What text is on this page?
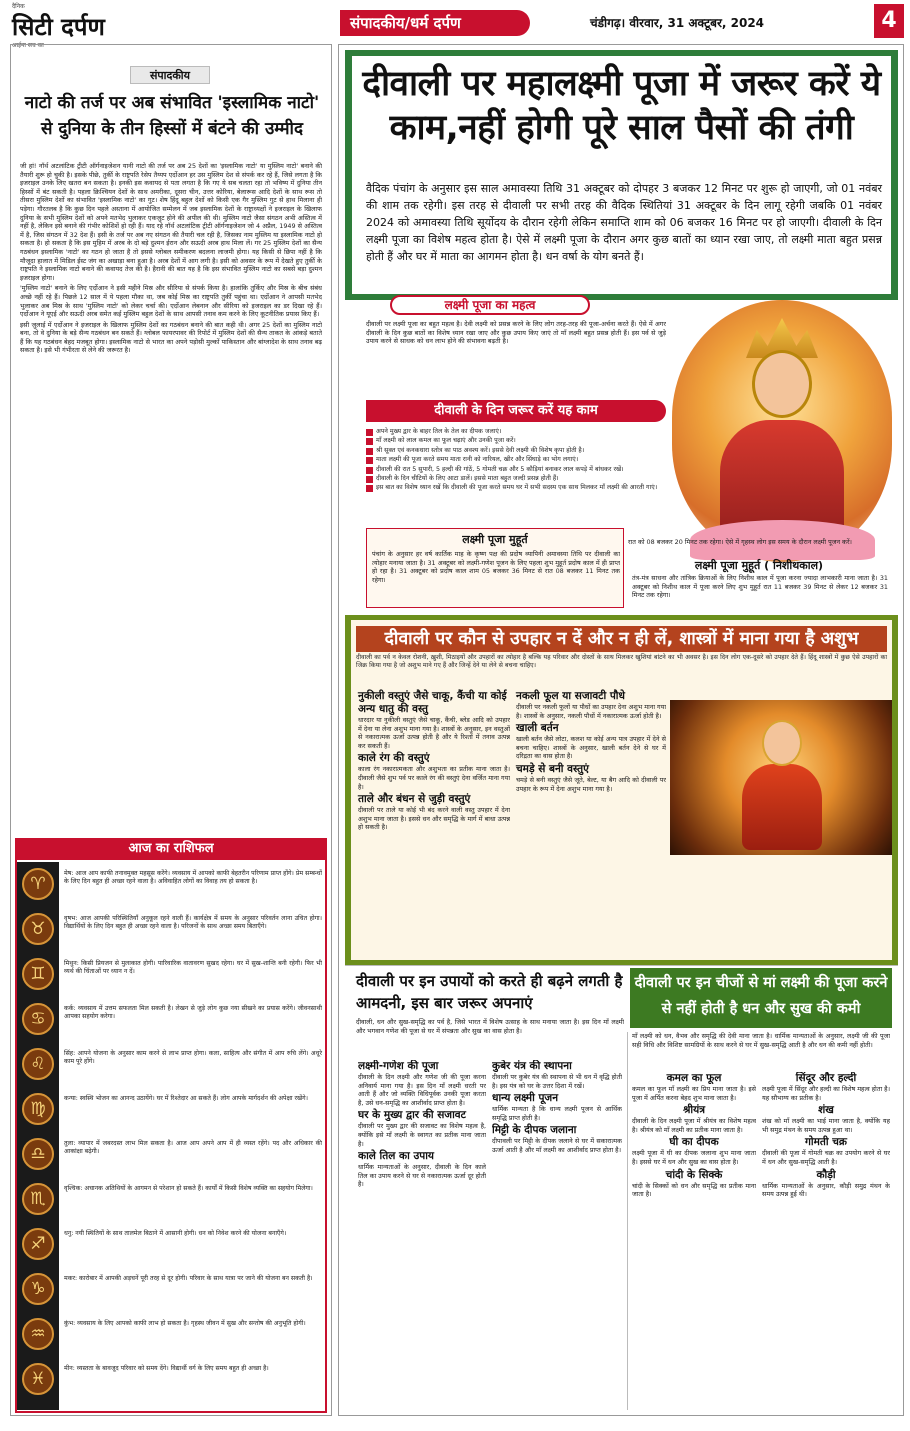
दैनिक
सिटी दर्पण
आईना सच का
संपादकीय/धर्म दर्पण	चंडीगढ़। वीरवार, 31 अक्टूबर, 2024	4
संपादकीय
नाटो की तर्ज पर अब संभावित 'इस्लामिक नाटो' से दुनिया के तीन हिस्सों में बंटने की उम्मीद

जी हां! नॉर्थ अटलांटिक ट्रीटी ऑर्गनाइजेशन यानी नाटो की तर्ज पर अब 25 देशों का 'इस्लामिक नाटो' या मुस्लिम नाटो' बनाने की तैयारी शुरू हो चुकी है। इसके पीछे, तुर्की के राष्ट्रपति रेसेप तैय्यप एर्दोआन हर उस मुस्लिम देश से संपर्क कर रहे हैं, जिसे लगता है कि इजराइल उनके लिए खतरा बन सकता है। इनकी इस कवायद से पता लगता है कि गए ये सब चलता रहा तो भविष्य में दुनिया तीन हिस्सों में बंट सकती है। पहला क्रिश्चियन देशों के साथ अमरीका, दूसरा चीन, उत्तर कोरिया, बेलारूस आदि देशों के साथ रूस तो तीसरा मुस्लिम देशों का संभावित 'इस्लामिक नाटो' का गुट। शेष हिंदू बहुल देशों को किसी एक गैर मुस्लिम गुट से हाथ मिलाना ही पड़ेगा। गौरतलब है कि कुछ दिन पहले अस्ताना में आयोजित सम्मेलन में जब इस्लामिक देशों के राष्ट्राध्यक्षों ने इजराइल के खिलाफ दुनिया के सभी मुस्लिम देशों को अपने मतभेद भुलाकर एकजुट होने की अपील की थी। मुस्लिम नाटो जैसा संगठन अभी अस्तित्व में नहीं है, लेकिन इसे बनाने की गंभीर कोशिशें हो रही हैं। याद रहे नॉर्थ अटलांटिक ट्रीटी ऑर्गनाइजेशन जो 4 अप्रैल, 1949 से अस्तित्व में है, जिस संगठन में 32 देश हैं। इसी के तर्ज पर अब नए संगठन की तैयारी चल रही है, जिसका नाम मुस्लिम या इस्लामिक नाटो हो सकता है। हो सकता है कि इस मुहिम में अरब के दो बड़े दुश्मन ईरान और सऊदी अरब हाथ मिला लें। गर 25 मुस्लिम देशों का सैन्य गठबंधन इस्लामिक 'नाटो' का गठन हो जाता है तो इससे ग्लोबल समीकरण बदलना लाजमी होगा। यह किसी से छिपा नहीं है कि मौजूदा हालात में मिडिल ईस्ट जंग का अखाड़ा बना हुआ है। अरब देशों में आग लगी है। इसी को अवसर के रूप में देखते हुए तुर्की के राष्ट्रपति ने इस्लामिक नाटो बनाने की कवायद तेज की है। हैरानी की बात यह है कि इस संभावित मुस्लिम नाटो का सबसे बड़ा दुश्मन इजराइल होगा।

'मुस्लिम नाटो' बनाने के लिए एर्दोआन ने इसी महीने मिस्र और सीरिया से संपर्क किया है। हालांकि तुर्किए और मिस्र के बीच संबंध अच्छे नहीं रहे हैं। पिछले 12 साल में ये पहला मौका था, जब कोई मिस्र का राष्ट्रपति तुर्की पहुंचा था। एर्दोआन ने आपसी मतभेद भुलाकर अब मिस्र के साथ 'मुस्लिम नाटो' को लेकर चर्चा की। एर्दोआन लेबनान और सीरिया को इजराइल का डर दिखा रहे हैं। एर्दोआन ने यूएई और सऊदी अरब समेत कई मुस्लिम बहुल देशों के साथ आपसी तनाव कम करने के लिए कूटनीतिक प्रयास किए हैं।

इसी जुलाई में एर्दोआन ने इजराइल के खिलाफ मुस्लिम देशों का गठबंधन बनाने की बात कही थी। अगर 25 देशों का मुस्लिम नाटो बना, तो वे दुनिया के बड़े सैन्य गठबंधन बन सकते हैं। ग्लोबल फायरपावर की रिपोर्ट में मुस्लिम देशों की सैन्य ताकत के आंकड़े बताते हैं कि यह गठबंधन बेहद मजबूत होगा। इस्लामिक नाटो से भारत का अपने पड़ोसी मुल्कों पाकिस्तान और बांग्लादेश के साथ तनाव बढ़ सकता है। इसे भी गंभीरता से लेने की जरूरत है।

आज का राशिफल
♈
♉
♊
♋
♌
♍
♎
♏
♐
♑
♒
♓
मेष: आज आप काफी तनावमुक्त महसूस करेंगे। व्यवसाय में आपको काफी बेहतरीन परिणाम प्राप्त होंगे। प्रेम सम्बन्धों के लिए दिन बहुत ही अच्छा रहने वाला है। अविवाहित लोगों का विवाह तय हो सकता है।
वृषभ: आज आपकी परिस्थितियाँ अनुकूल रहने वाली हैं। कार्यक्षेत्र में समय के अनुसार परिवर्तन लाना उचित होगा। विद्यार्थियों के लिए दिन बहुत ही अच्छा रहने वाला है। परिजनों के साथ अच्छा समय बिताएँगे।
मिथुन: किसी प्रियजन से मुलाकात होगी। पारिवारिक वातावरण सुखद रहेगा। घर में सुख-शान्ति बनी रहेगी। फिर भी व्यर्थ की चिंताओं पर ध्यान न दें।
कर्क: व्यवसाय में उत्तम सफलता मिल सकती है। लेखन से जुड़े लोग कुछ नया सीखने का प्रयास करेंगे। जीवनसाथी आपका सहयोग करेगा।
सिंह: आपने योजना के अनुसार काम करने से लाभ प्राप्त होगा। कला, साहित्य और संगीत में आप रुचि लेंगे। अधूरे काम पूरे होंगे।
कन्या: स्वस्थि भोजन का आनन्द उठायेंगे। घर में रिश्तेदार आ सकते हैं। लोग आपके मार्गदर्शन की अपेक्षा रखेंगे।
तुला: व्यापार में जबरदस्त लाभ मिल सकता है। आज आप अपने आप में ही व्यस्त रहेंगे। पद और अधिकार की आकांक्षा बढ़ेगी।
वृश्चिक: अचानक अतिथियों के आगमन से परेशान हो सकते हैं। कार्यों में किसी विशेष व्यक्ति का सहयोग मिलेगा।
धनु: नयी स्थितियों के साथ तालमेल बिठाने में आसानी होगी। धन को निवेश करने की योजना बनाएँगे।
मकर: कारोबार में आपकी अड़चनें पूरी तरह से दूर होगी। परिवार के साथ यात्रा पर जाने की योजना बन सकती है।
कुंभ: व्यवसाय के लिए आपको काफी लाभ हो सकता है। गृहस्थ जीवन में सुख और सन्तोष की अनुभूति होगी।
मीन: व्यस्तता के बावजूद परिवार को समय देंगे। विद्यार्थी वर्ग के लिए समय बहुत ही अच्छा है।
दीवाली पर महालक्ष्मी पूजा में जरूर करें ये काम,नहीं होगी पूरे साल पैसों की तंगी
वैदिक पंचांग के अनुसार इस साल अमावस्या तिथि 31 अक्टूबर को दोपहर 3 बजकर 12 मिनट पर शुरू हो जाएगी, जो 01 नवंबर की शाम तक रहेगी। इस तरह से दीवाली पर सभी तरह की वैदिक स्थितियां 31 अक्टूबर के दिन लागू रहेगी जबकि 01 नवंबर 2024 को अमावस्या तिथि सूर्योदय के दौरान रहेगी लेकिन समाप्ति शाम को 06 बजकर 16 मिनट पर हो जाएगी। दीवाली के दिन लक्ष्मी पूजा का विशेष महत्व होता है। ऐसे में लक्ष्मी पूजा के दौरान अगर कुछ बातों का ध्यान रखा जाए, तो लक्ष्मी माता बहुत प्रसन्न होती हैं और घर में माता का आगमन होता है। धन वर्षा के योग बनते हैं।
लक्ष्मी पूजा का महत्व

दीवाली पर लक्ष्मी पूजा का बहुत महत्व है। देवी लक्ष्मी को प्रसन्न करने के लिए लोग तरह-तरह की पूजा-अर्चना करते हैं। ऐसे में अगर दीवाली के दिन कुछ बातों का विशेष ध्यान रखा जाए और कुछ उपाय किए जाएं तो माँ लक्ष्मी बहुत प्रसन्न होती हैं। इस पर्व से जुड़े उपाय करने से साधक को धन लाभ होने की संभावना बढ़ती है।

दीवाली के दिन जरूर करें यह काम
अपने मुख्य द्वार के बाहर तिल के तेल का दीपक जलाएं।
माँ लक्ष्मी को लाल कमल का फूल चढ़ाएं और उनकी पूजा करें।
श्री सूक्त एवं कनकधारा स्तोत्र का पाठ अवश्य करें। इससे देवी लक्ष्मी की विशेष कृपा होती है।
माता लक्ष्मी की पूजा करते समय माता रानी को नारियल, खीर और सिंघाड़े का भोग लगाएं।
दीवाली की रात 5 सुपारी, 5 हल्दी की गांठें, 5 गोमती चक्र और 5 कौड़ियां बनाकर लाल कपड़े में बांधकर रखें।
दीवाली के दिन चीटियों के लिए आटा डालें। इससे माता बहुत जल्दी प्रसन्न होती हैं।
इस बात का विशेष ध्यान रखें कि दीवाली की पूजा करते समय घर में सभी सदस्य एक साथ मिलकर माँ लक्ष्मी की आरती गाएं।
लक्ष्मी पूजा मुहूर्त

पंचांग के अनुसार हर वर्ष कार्तिक माह के कृष्ण पक्ष की प्रदोष व्यापिनी अमावस्या तिथि पर दीवाली का त्योहार मनाया जाता है। 31 अक्टूबर को लक्ष्मी-गणेश पूजन के लिए पहला शुभ मुहूर्त प्रदोष काल में ही प्राप्त हो रहा है। 31 अक्टूबर को प्रदोष काल शाम 05 बजकर 36 मिनट से रात 08 बजकर 11 मिनट तक रहेगा।

रात को 08 बजकर 20 मिनट तक रहेगा। ऐसे में गृहस्थ लोग इस समय के दौरान लक्ष्मी पूजन करें।

लक्ष्मी पूजा मुहूर्त ( निशीथकाल)

तंत्र-मंत्र साधना और तांत्रिक क्रियाओं के लिए निशीथ काल में पूजा करना ज्यादा लाभकारी माना जाता है। 31 अक्टूबर को निशीथ काल में पूजा करने लिए शुभ मुहूर्त रात 11 बजकर 39 मिनट से लेकर 12 बजकर 31 मिनट तक रहेगा।

दीवाली पर कौन से उपहार न दें और न ही लें, शास्त्रों में माना गया है अशुभ

दीवाली का पर्व न केवल रोशनी, ख़ुशी, मिठाइयों और उपहारों का त्योहार है बल्कि यह परिवार और दोस्तों के साथ मिलकर खुशियां बांटने का भी अवसर है। इस दिन लोग एक-दूसरे को उपहार देते हैं। हिंदू शास्त्रों में कुछ ऐसे उपहारों का जिक्र किया गया है जो अशुभ माने गए हैं और जिन्हें देने या लेने से बचना चाहिए।

नुकीली वस्तुएं जैसे चाकू, कैंची या कोई अन्य धातु की वस्तु

धारदार या नुकीली वस्तुएं जैसे चाकू, कैंची, ब्लेड आदि को उपहार में देना या लेना अशुभ माना गया है। शास्त्रों के अनुसार, इन वस्तुओं से नकारात्मक ऊर्जा उत्पन्न होती है और ये रिश्तों में तनाव उत्पन्न कर सकती हैं।

काले रंग की वस्तुएं

काला रंग नकारात्मकता और अशुभता का प्रतीक माना जाता है। दीवाली जैसे शुभ पर्व पर काले रंग की वस्तुएं देना वर्जित माना गया है।

ताले और बंधन से जुड़ी वस्तुएं

दीवाली पर ताले या कोई भी बंद करने वाली वस्तु उपहार में देना अशुभ माना जाता है। इससे धन और समृद्धि के मार्ग में बाधा उत्पन्न हो सकती है।

नकली फूल या सजावटी पौधे

दीवाली पर नकली फूलों या पौधों का उपहार देना अशुभ माना गया है। शास्त्रों के अनुसार, नकली पौधों में नकारात्मक ऊर्जा होती है।

खाली बर्तन

खाली बर्तन जैसे लोटा, कलश या कोई अन्य पात्र उपहार में देने से बचना चाहिए। शास्त्रों के अनुसार, खाली बर्तन देने से घर में दरिद्रता का वास होता है।

चमड़े से बनी वस्तुएं

चमड़े से बनी वस्तुएं जैसे जूते, बेल्ट, या बैग आदि को दीवाली पर उपहार के रूप में देना अशुभ माना गया है।

दीवाली पर इन उपायों को करते ही बढ़ने लगती है आमदनी, इस बार जरूर अपनाएं

दीवाली, धन और सुख-समृद्धि का पर्व है, जिसे भारत में विशेष उत्साह के साथ मनाया जाता है। इस दिन माँ लक्ष्मी और भगवान गणेश की पूजा से घर में संपन्नता और सुख का वास होता है।

लक्ष्मी-गणेश की पूजा

दीवाली के दिन लक्ष्मी और गणेश जी की पूजा करना अनिवार्य माना गया है। इस दिन माँ लक्ष्मी धरती पर आती हैं और जो व्यक्ति विधिपूर्वक उनकी पूजा करता है, उसे धन-समृद्धि का आशीर्वाद प्राप्त होता है।

घर के मुख्य द्वार की सजावट

दीवाली पर मुख्य द्वार की सजावट का विशेष महत्व है, क्योंकि इसे माँ लक्ष्मी के स्वागत का प्रतीक माना जाता है।

काले तिल का उपाय

धार्मिक मान्यताओं के अनुसार, दीवाली के दिन काले तिल का उपाय करने से घर से नकारात्मक ऊर्जा दूर होती है।

कुबेर यंत्र की स्थापना

दीवाली पर कुबेर यंत्र की स्थापना से भी धन में वृद्धि होती है। इस यंत्र को घर के उत्तर दिशा में रखें।

धान्य लक्ष्मी पूजन

धार्मिक मान्यता है कि धान्य लक्ष्मी पूजन से आर्थिक समृद्धि प्राप्त होती है।

मिट्टी के दीपक जलाना

दीपावली पर मिट्टी के दीपक जलाने से घर में सकारात्मक ऊर्जा आती है और माँ लक्ष्मी का आशीर्वाद प्राप्त होता है।

दीवाली पर इन चीजों से मां लक्ष्मी की पूजा करने से नहीं होती है धन और सुख की कमी

माँ लक्ष्मी को धन, वैभव और समृद्धि की देवी माना जाता है। धार्मिक मान्यताओं के अनुसार, लक्ष्मी जी की पूजा सही विधि और विशिष्ट सामग्रियों के साथ करने से घर में सुख-समृद्धि आती है और धन की कमी नहीं होती।

कमल का फूल

कमल का फूल माँ लक्ष्मी का प्रिय माना जाता है। इसे पूजा में अर्पित करना बेहद शुभ माना जाता है।

श्रीयंत्र

दीवाली के दिन लक्ष्मी पूजा में श्रीयंत्र का विशेष महत्व है। श्रीयंत्र को माँ लक्ष्मी का प्रतीक माना जाता है।

घी का दीपक

लक्ष्मी पूजा में घी का दीपक जलाना शुभ माना जाता है। इससे घर में धन और सुख का वास होता है।

चांदी के सिक्के

चांदी के सिक्कों को धन और समृद्धि का प्रतीक माना जाता है।

सिंदूर और हल्दी

लक्ष्मी पूजा में सिंदूर और हल्दी का विशेष महत्व होता है। यह सौभाग्य का प्रतीक है।

शंख

शंख को माँ लक्ष्मी का भाई माना जाता है, क्योंकि यह भी समुद्र मंथन के समय उत्पन्न हुआ था।

गोमती चक्र

दीवाली की पूजा में गोमती चक्र का उपयोग करने से घर में धन और सुख-समृद्धि आती है।

कौड़ी

धार्मिक मान्यताओं के अनुसार, कौड़ी समुद्र मंथन के समय उत्पन्न हुई थी।
